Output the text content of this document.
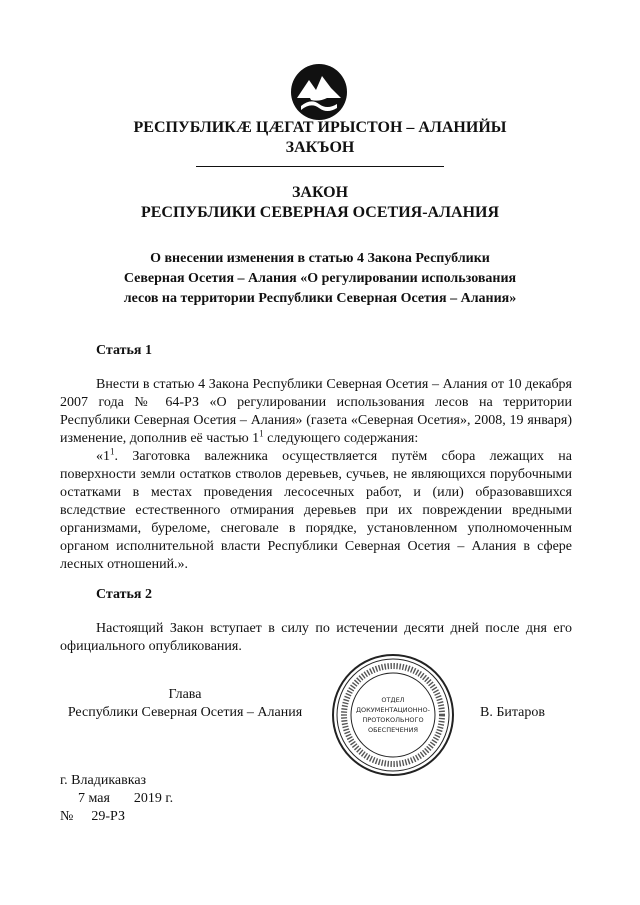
РЕСПУБЛИКӔ ЦӔГАТ ИРЫСТОН – АЛАНИЙЫ
ЗАКЪОН
ЗАКОН
РЕСПУБЛИКИ СЕВЕРНАЯ ОСЕТИЯ-АЛАНИЯ
О внесении изменения в статью 4 Закона Республики
Северная Осетия – Алания «О регулировании использования
лесов на территории Республики Северная Осетия – Алания»
Статья 1

Внести в статью 4 Закона Республики Северная Осетия – Алания от 10 декабря 2007 года № 64-РЗ «О регулировании использования лесов на территории Республики Северная Осетия – Алания» (газета «Северная Осетия», 2008, 19 января) изменение, дополнив её частью $1^1$ следующего содержания:

«$1^1$. Заготовка валежника осуществляется путём сбора лежащих на поверхности земли остатков стволов деревьев, сучьев, не являющихся порубочными остатками в местах проведения лесосечных работ, и (или) образовавшихся вследствие естественного отмирания деревьев при их повреждении вредными организмами, буреломе, снеговале в порядке, установленном уполномоченным органом исполнительной власти Республики Северная Осетия – Алания в сфере лесных отношений.».

Статья 2

Настоящий Закон вступает в силу по истечении десяти дней после дня его официального опубликования.

Глава
Республики Северная Осетия – Алания
ОТДЕЛ
ДОКУМЕНТАЦИОННО-
ПРОТОКОЛЬНОГО
ОБЕСПЕЧЕНИЯ
В. Битаров
г. Владикавказ
7 мая 2019 г.
№ 29-РЗ
